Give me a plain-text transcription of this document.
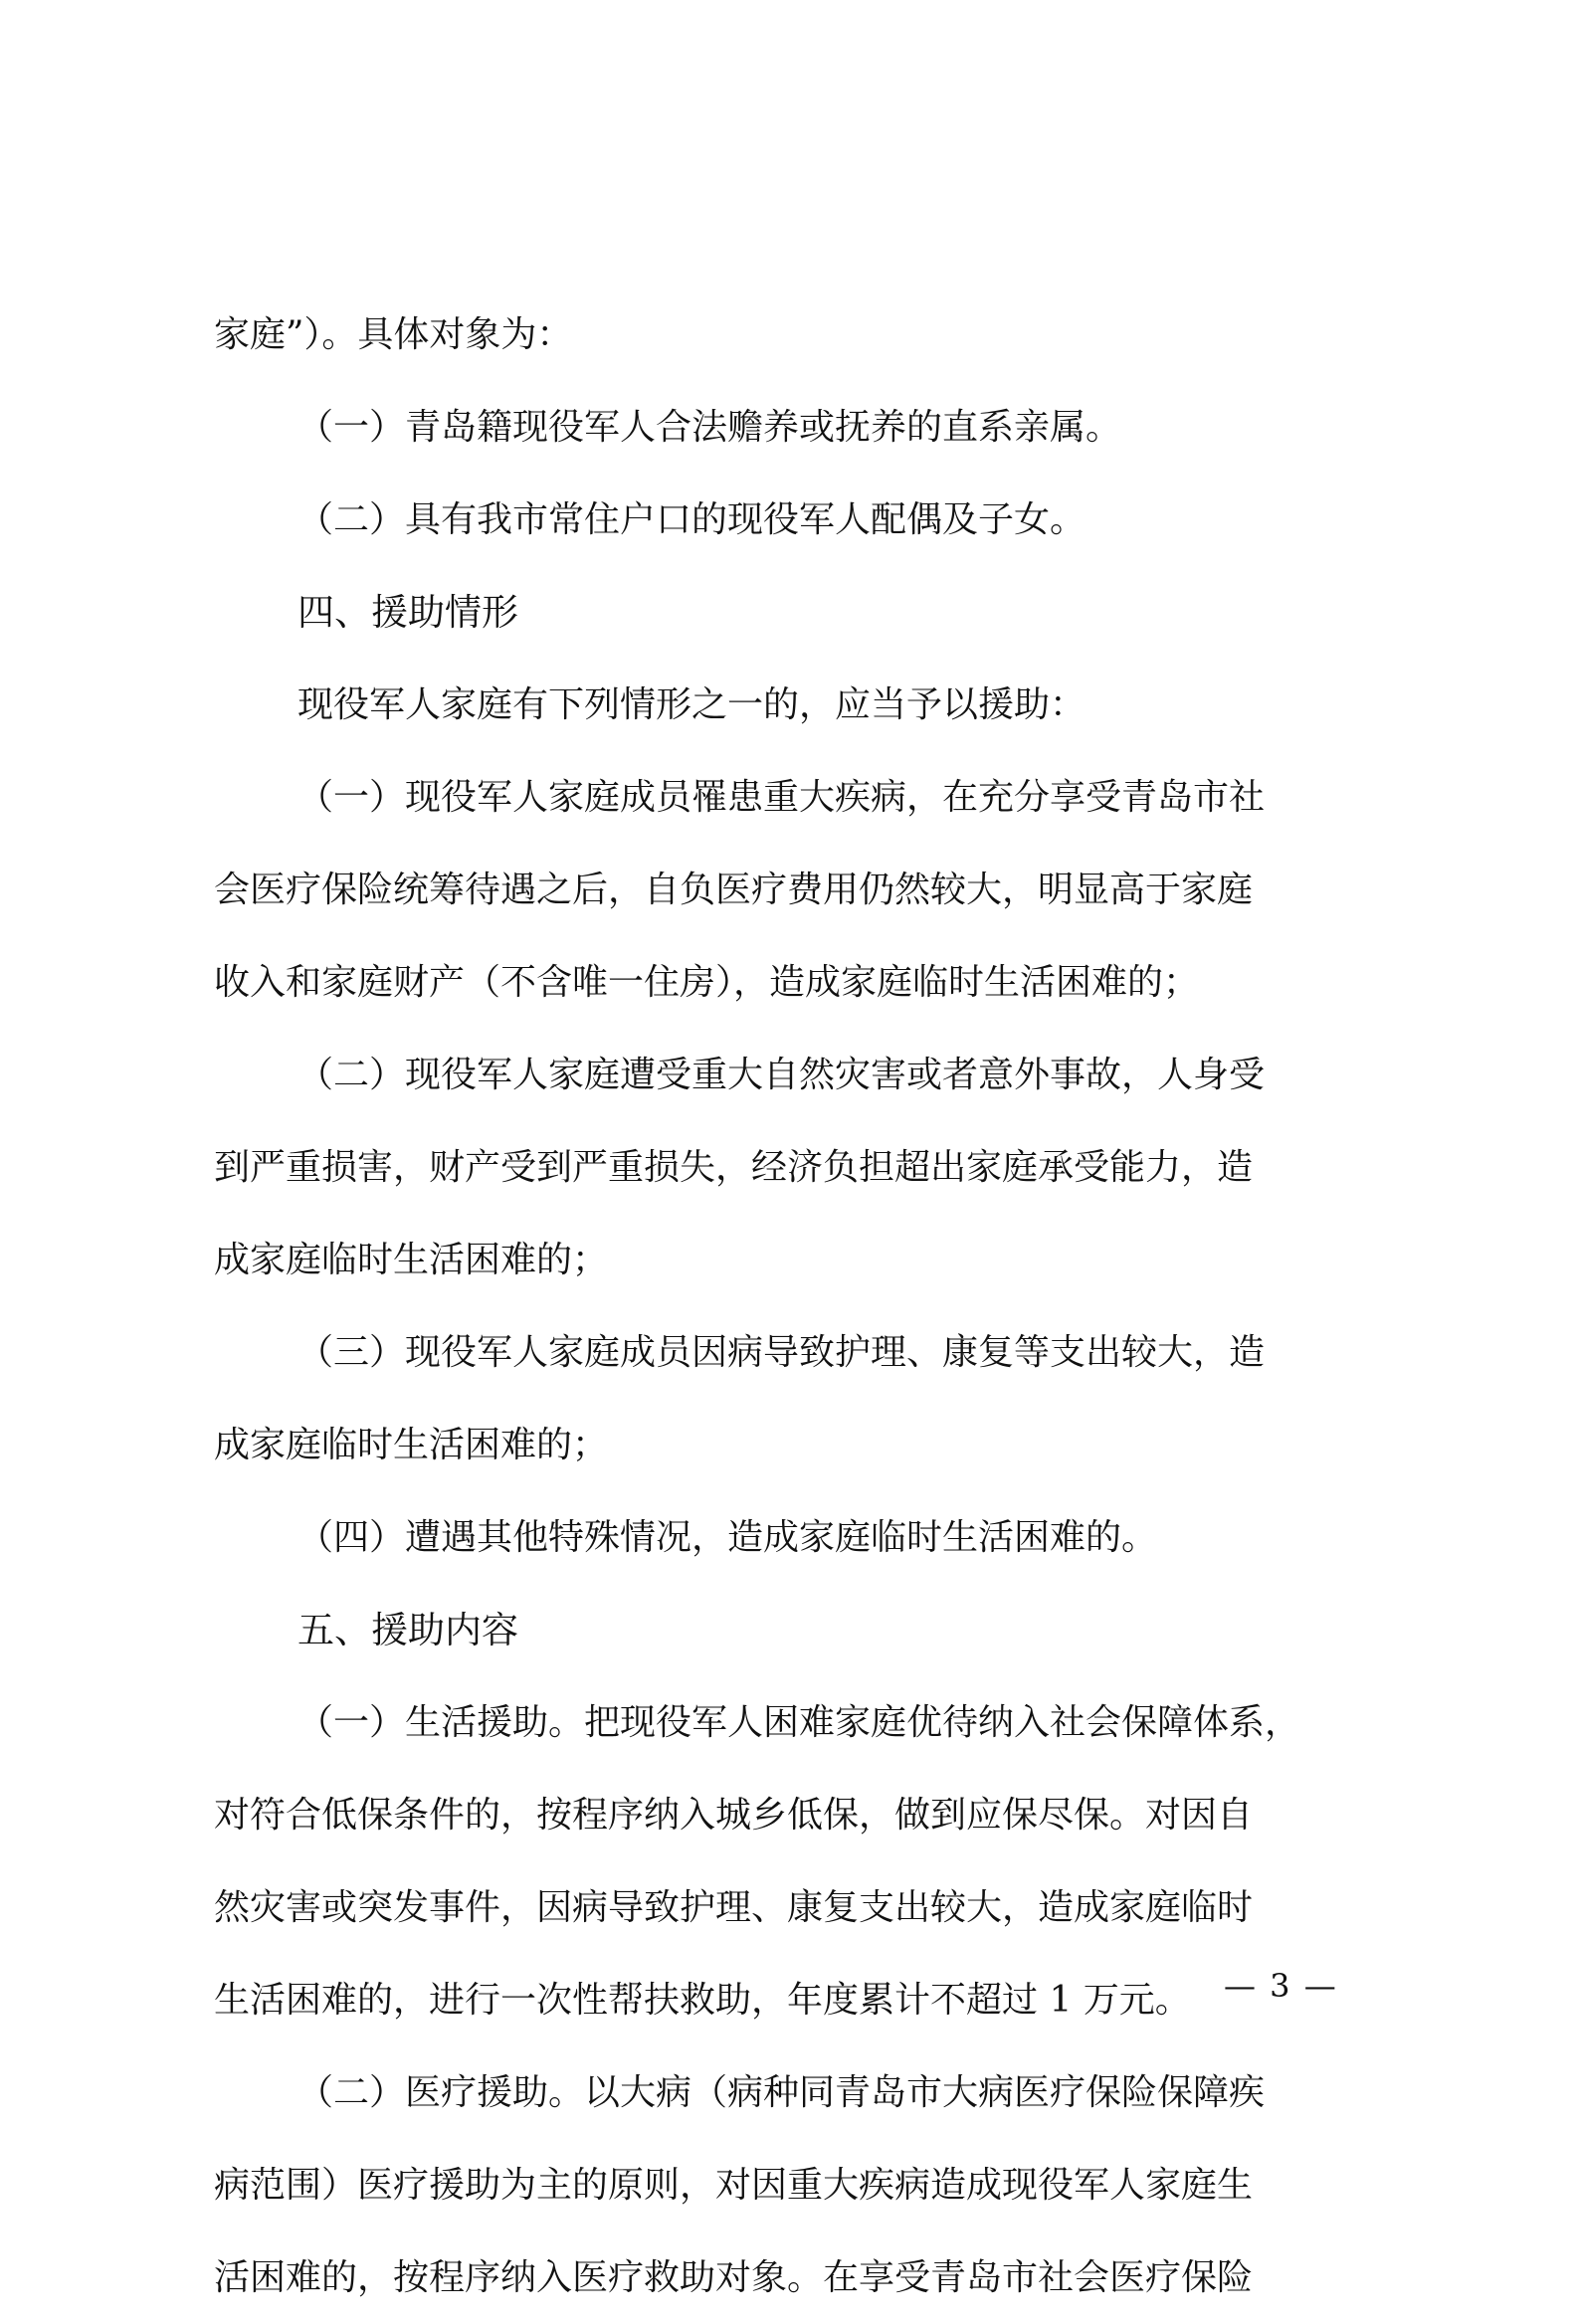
家庭”）。具体对象为：
（一）青岛籍现役军人合法赡养或抚养的直系亲属。
（二）具有我市常住户口的现役军人配偶及子女。
四、援助情形
现役军人家庭有下列情形之一的，应当予以援助：
（一）现役军人家庭成员罹患重大疾病，在充分享受青岛市社
会医疗保险统筹待遇之后，自负医疗费用仍然较大，明显高于家庭
收入和家庭财产（不含唯一住房），造成家庭临时生活困难的；
（二）现役军人家庭遭受重大自然灾害或者意外事故，人身受
到严重损害，财产受到严重损失，经济负担超出家庭承受能力，造
成家庭临时生活困难的；
（三）现役军人家庭成员因病导致护理、康复等支出较大，造
成家庭临时生活困难的；
（四）遭遇其他特殊情况，造成家庭临时生活困难的。
五、援助内容
（一）生活援助。把现役军人困难家庭优待纳入社会保障体系，
对符合低保条件的，按程序纳入城乡低保，做到应保尽保。对因自
然灾害或突发事件，因病导致护理、康复支出较大，造成家庭临时
生活困难的，进行一次性帮扶救助，年度累计不超过 1 万元。
（二）医疗援助。以大病（病种同青岛市大病医疗保险保障疾
病范围）医疗援助为主的原则，对因重大疾病造成现役军人家庭生
活困难的，按程序纳入医疗救助对象。在享受青岛市社会医疗保险
— 3 —
